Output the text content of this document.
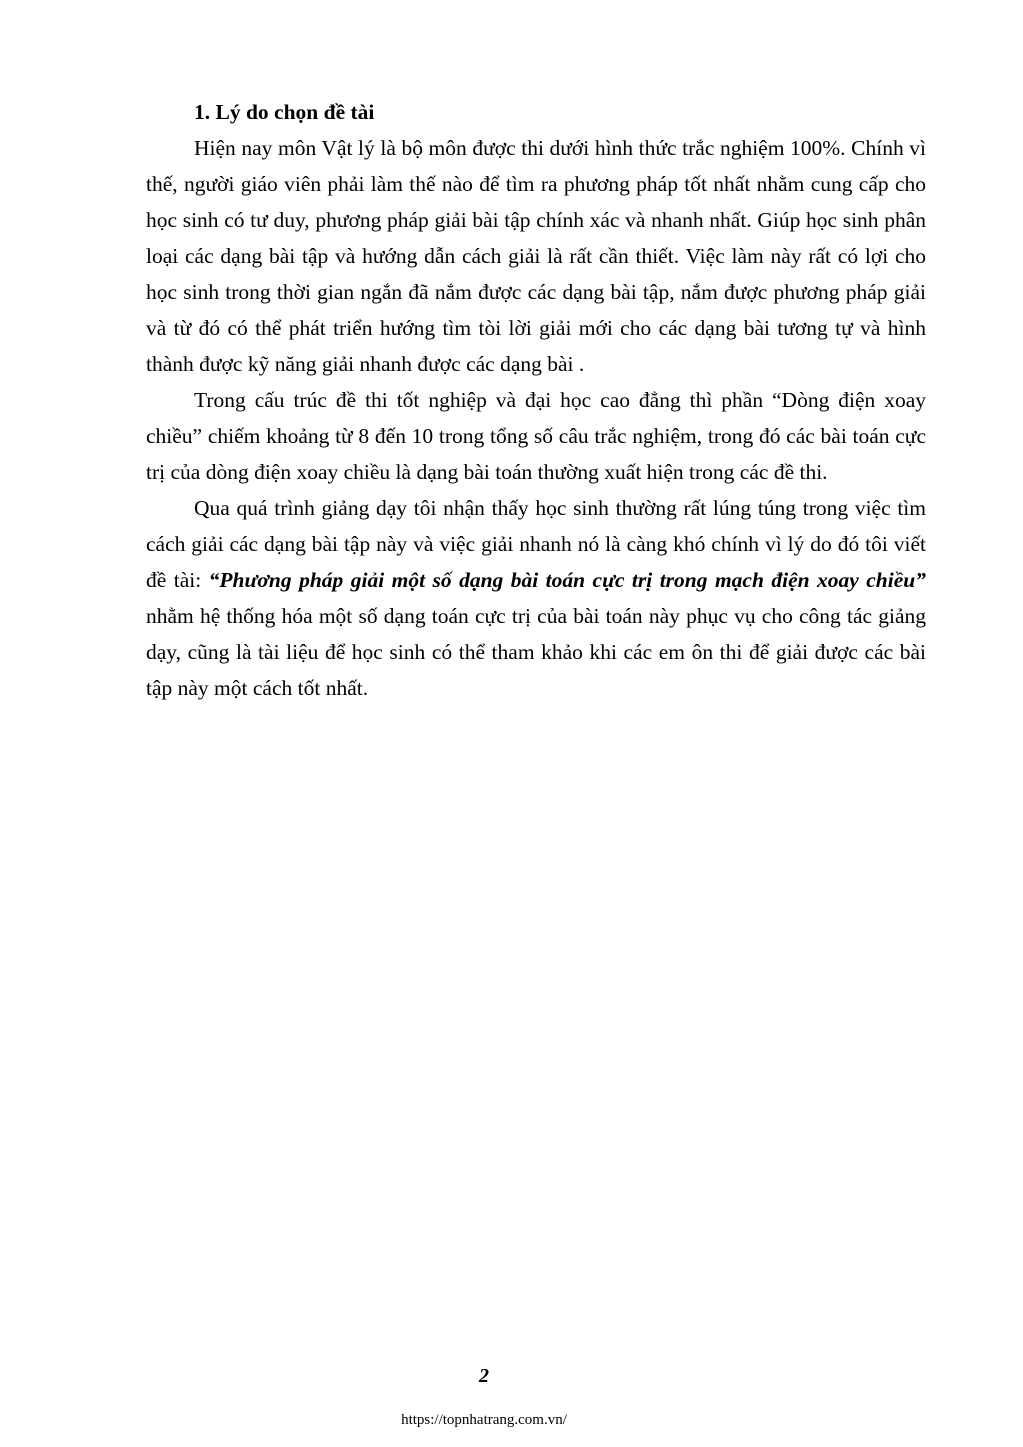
1. Lý do chọn đề tài

Hiện nay môn Vật lý là bộ môn được thi dưới hình thức trắc nghiệm 100%. Chính vì thế, người giáo viên phải làm thế nào để tìm ra phương pháp tốt nhất nhằm cung cấp cho học sinh có tư duy, phương pháp giải bài tập chính xác và nhanh nhất. Giúp học sinh phân loại các dạng bài tập và hướng dẫn cách giải là rất cần thiết. Việc làm này rất có lợi cho học sinh trong thời gian ngắn đã nắm được các dạng bài tập, nắm được phương pháp giải và từ đó có thể phát triển hướng tìm tòi lời giải mới cho các dạng bài tương tự và hình thành được kỹ năng giải nhanh được các dạng bài .

Trong cấu trúc đề thi tốt nghiệp và đại học cao đẳng thì phần “Dòng điện xoay chiều” chiếm khoảng từ 8 đến 10 trong tổng số câu trắc nghiệm, trong đó các bài toán cực trị của dòng điện xoay chiều là dạng bài toán thường xuất hiện trong các đề thi.

Qua quá trình giảng dạy tôi nhận thấy học sinh thường rất lúng túng trong việc tìm cách giải các dạng bài tập này và việc giải nhanh nó là càng khó chính vì lý do đó tôi viết đề tài: “Phương pháp giải một số dạng bài toán cực trị trong mạch điện xoay chiều” nhằm hệ thống hóa một số dạng toán cực trị của bài toán này phục vụ cho công tác giảng dạy, cũng là tài liệu để học sinh có thể tham khảo khi các em ôn thi để giải được các bài tập này một cách tốt nhất.

2
https://topnhatrang.com.vn/
